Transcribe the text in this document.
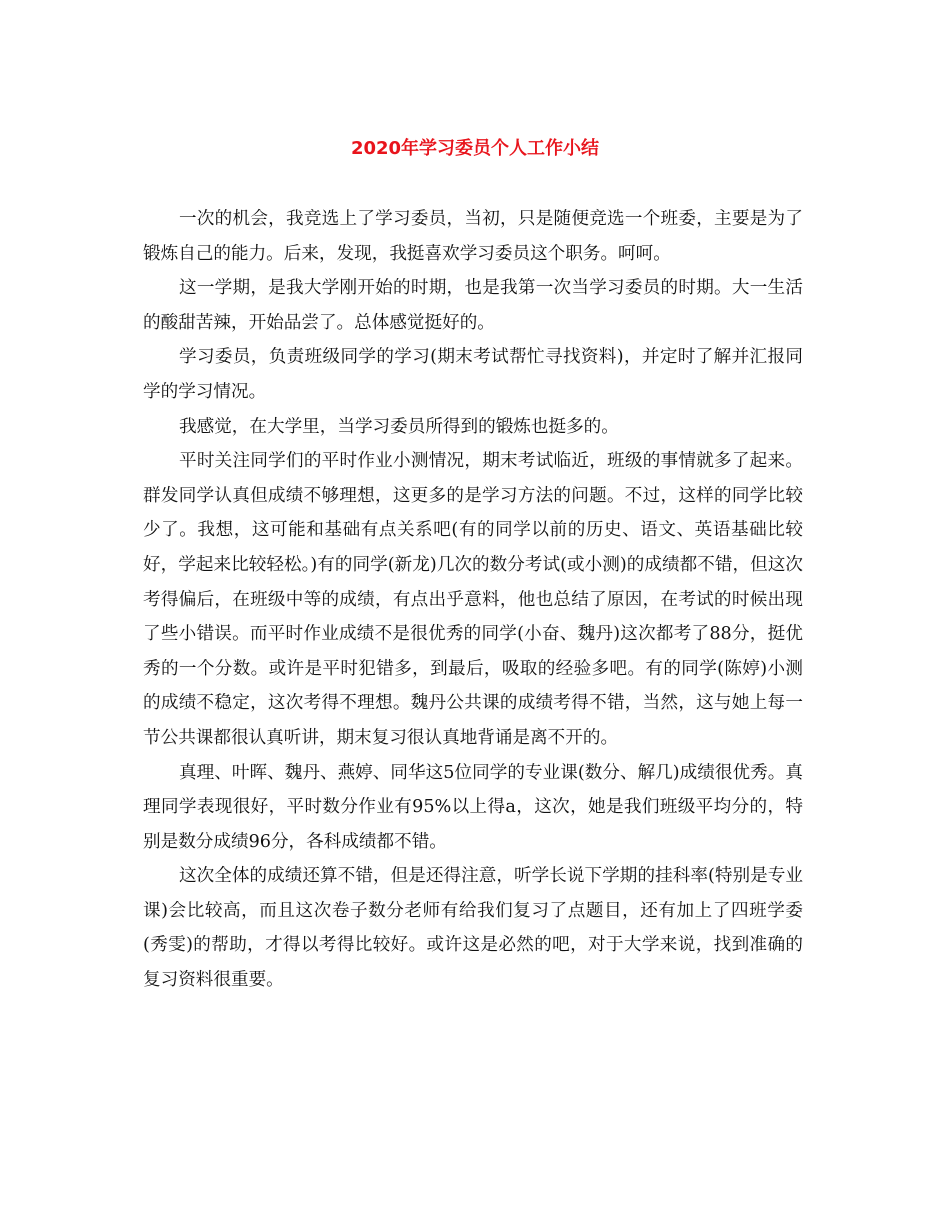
2020年学习委员个人工作小结

一次的机会，我竞选上了学习委员，当初，只是随便竞选一个班委，主要是为了锻炼自己的能力。后来，发现，我挺喜欢学习委员这个职务。呵呵。

这一学期，是我大学刚开始的时期，也是我第一次当学习委员的时期。大一生活的酸甜苦辣，开始品尝了。总体感觉挺好的。

学习委员，负责班级同学的学习(期末考试帮忙寻找资料)，并定时了解并汇报同学的学习情况。

我感觉，在大学里，当学习委员所得到的锻炼也挺多的。

平时关注同学们的平时作业小测情况，期末考试临近，班级的事情就多了起来。群发同学认真但成绩不够理想，这更多的是学习方法的问题。不过，这样的同学比较少了。我想，这可能和基础有点关系吧(有的同学以前的历史、语文、英语基础比较好，学起来比较轻松。)有的同学(新龙)几次的数分考试(或小测)的成绩都不错，但这次考得偏后，在班级中等的成绩，有点出乎意料，他也总结了原因，在考试的时候出现了些小错误。而平时作业成绩不是很优秀的同学(小奋、魏丹)这次都考了88分，挺优秀的一个分数。或许是平时犯错多，到最后，吸取的经验多吧。有的同学(陈婷)小测的成绩不稳定，这次考得不理想。魏丹公共课的成绩考得不错，当然，这与她上每一节公共课都很认真听讲，期末复习很认真地背诵是离不开的。

真理、叶晖、魏丹、燕婷、同华这5位同学的专业课(数分、解几)成绩很优秀。真理同学表现很好，平时数分作业有95%以上得a，这次，她是我们班级平均分的，特别是数分成绩96分，各科成绩都不错。

这次全体的成绩还算不错，但是还得注意，听学长说下学期的挂科率(特别是专业课)会比较高，而且这次卷子数分老师有给我们复习了点题目，还有加上了四班学委(秀雯)的帮助，才得以考得比较好。或许这是必然的吧，对于大学来说，找到准确的复习资料很重要。
